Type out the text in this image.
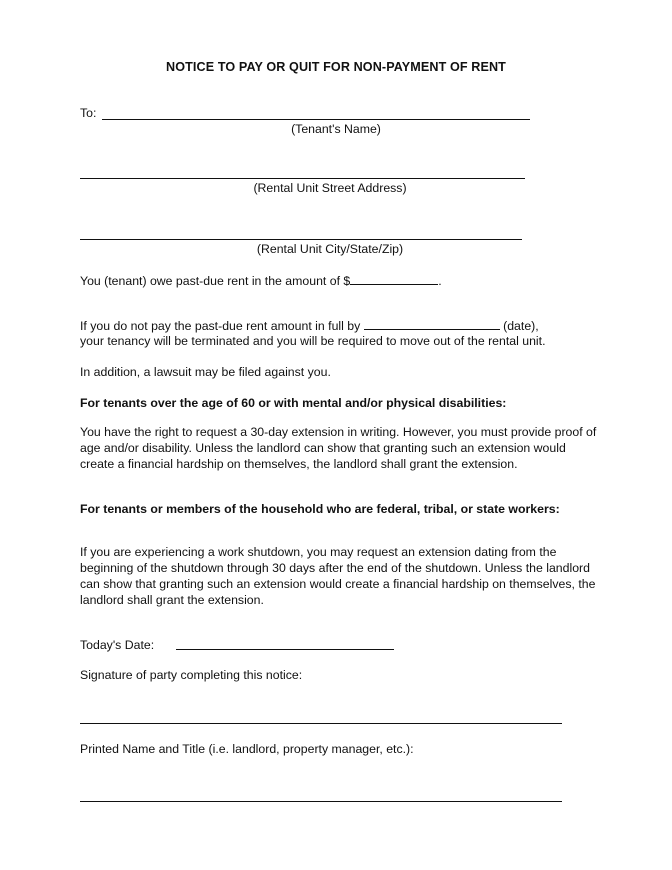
NOTICE TO PAY OR QUIT FOR NON-PAYMENT OF RENT
To:
(Tenant's Name)
(Rental Unit Street Address)
(Rental Unit City/State/Zip)
You (tenant) owe past-due rent in the amount of $	.
If you do not pay the past-due rent amount in full by	(date),
your tenancy will be terminated and you will be required to move out of the rental unit.
In addition, a lawsuit may be filed against you.
For tenants over the age of 60 or with mental and/or physical disabilities:
You have the right to request a 30-day extension in writing. However, you must provide proof of age and/or disability. Unless the landlord can show that granting such an extension would create a financial hardship on themselves, the landlord shall grant the extension.
For tenants or members of the household who are federal, tribal, or state workers:
If you are experiencing a work shutdown, you may request an extension dating from the beginning of the shutdown through 30 days after the end of the shutdown. Unless the landlord can show that granting such an extension would create a financial hardship on themselves, the landlord shall grant the extension.
Today's Date:
Signature of party completing this notice:
Printed Name and Title (i.e. landlord, property manager, etc.):
